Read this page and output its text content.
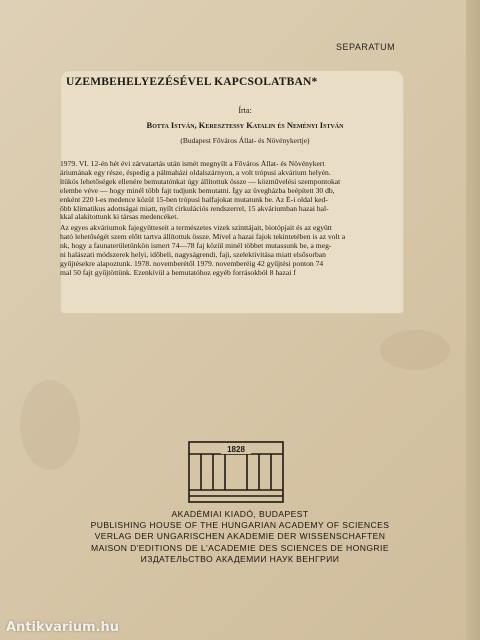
SEPARATUM
UZEMBEHELYEZÉSÉVEL KAPCSOLATBAN*
Írta:
Botta István, Keresztessy Katalin és Neményi István
(Budapest Főváros Állat- és Növénykertje)

1979. VI. 12-én hét évi zárvatartás után ismét megnyílt a Főváros Állat- és Növénykert
áriumának egy része, éspedig a pálmaházi oldalszárnyon, a volt trópusi akvárium helyén.
ltükös lehetőségek ellenére bemutatónkat úgy állítottuk össze — közművelési szempontokat
elembe véve — hogy minél több fajt tudjunk bemutatni. Így az üvegházba beépített 30 db,
enként 220 l-es medence közül 15-ben trópusi halfajokat mutatunk be. Az É-i oldal ked-
őbb klimatikus adottságai miatt, nyílt cirkulációs rendszerrel, 15 akváriumban hazai hal-
kkal alakítottunk ki társas medencéket.

Az egyes akváriumok fajegyütteseit a természetes vizek szinttájait, biotópjait és az együtt
ható lehetőségét szem előtt tartva állítottuk össze. Mivel a hazai fajok tekintetében is az volt a
nk, hogy a faunaterületünkön ismert 74—78 faj közül minél többet mutassunk be, a meg-
ni halászati módszerek helyi, időbeli, nagyságrendi, faji, szelektivitása miatt elsősorban
gyűjtésekre alapoztunk. 1978. novemberétől 1979. novemberéig 42 gyűjtési ponton 74
mal 50 fajt gyűjtöttünk. Ezenkívül a bemutatóhoz egyéb forrásokból 8 hazai f

1828
AKADÉMIAI KIADÓ, BUDAPEST
PUBLISHING HOUSE OF THE HUNGARIAN ACADEMY OF SCIENCES
VERLAG DER UNGARISCHEN AKADEMIE DER WISSENSCHAFTEN
MAISON D'EDITIONS DE L'ACADEMIE DES SCIENCES DE HONGRIE
ИЗДАТЕЛЬСТВО АКАДЕМИИ НАУК ВЕНГРИИ
Antikvarium.hu
